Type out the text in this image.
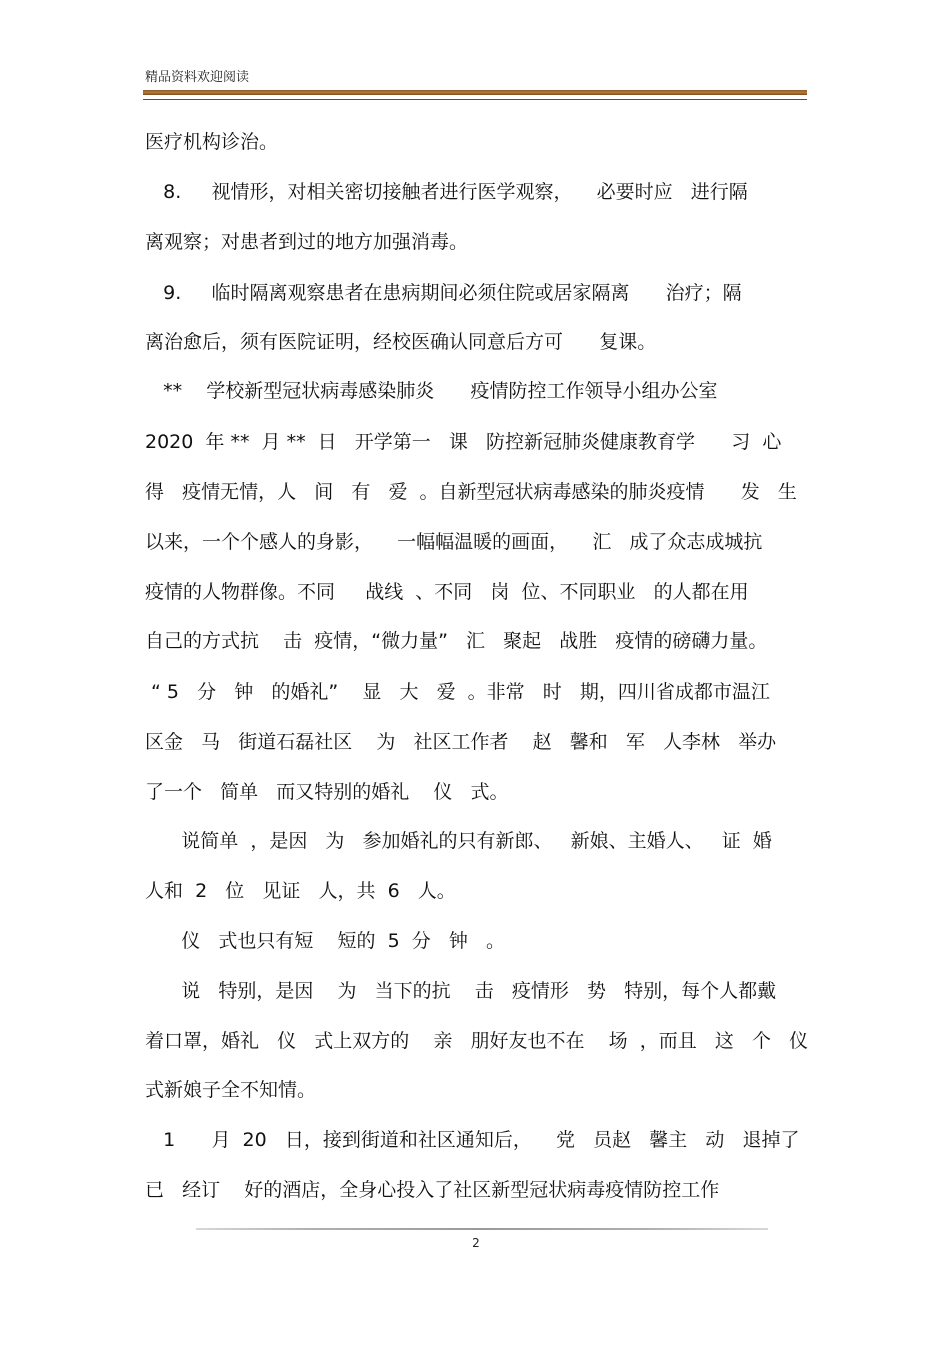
精品资料欢迎阅读
医疗机构诊治。
8.     视情形，对相关密切接触者进行医学观察，    必要时应   进行隔
离观察；对患者到过的地方加强消毒。
9.     临时隔离观察患者在患病期间必须住院或居家隔离      治疗；隔
离治愈后，须有医院证明，经校医确认同意后方可      复课。
**    学校新型冠状病毒感染肺炎      疫情防控工作领导小组办公室
2020  年 **  月 **  日   开学第一   课   防控新冠肺炎健康教育学      习  心
得   疫情无情，人   间   有   爱  。自新型冠状病毒感染的肺炎疫情      发   生
以来，一个个感人的身影，    一幅幅温暖的画面，    汇   成了众志成城抗
疫情的人物群像。不同     战线  、不同   岗  位、不同职业   的人都在用
自己的方式抗    击  疫情，“微力量”   汇   聚起   战胜   疫情的磅礴力量。
“ 5   分   钟   的婚礼”    显   大   爱  。非常   时   期，四川省成都市温江
区金   马   街道石磊社区    为   社区工作者    赵   馨和   军   人李林   举办
了一个   简单   而又特别的婚礼    仪   式。
说简单  ，是因   为   参加婚礼的只有新郎、   新娘、主婚人、   证  婚
人和  2   位   见证   人，共  6   人。
仪   式也只有短    短的  5  分   钟   。
说   特别，是因    为   当下的抗    击   疫情形   势   特别，每个人都戴
着口罩，婚礼   仪   式上双方的    亲   朋好友也不在    场  ，而且   这   个   仪
式新娘子全不知情。
1      月  20   日，接到街道和社区通知后，    党   员赵   馨主   动   退掉了
已   经订    好的酒店，全身心投入了社区新型冠状病毒疫情防控工作
2
